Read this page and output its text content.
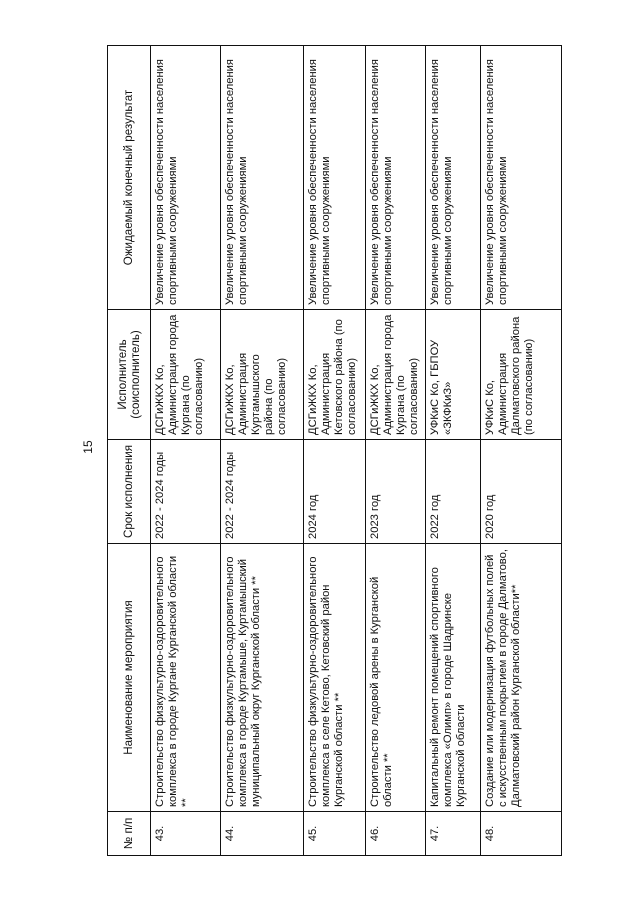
15
№ п/п	Наименование мероприятия	Срок исполнения	Исполнитель (соисполнитель)	Ожидаемый конечный результат
43.	Строительство физкультурно-оздоровительного комплекса в городе Кургане Курганской области **	2022 - 2024 годы	ДСГиЖКХ Ко, Администрация города Кургана (по согласованию)	Увеличение уровня обеспеченности населения спортивными сооружениями
44.	Строительство физкультурно-оздоровительного комплекса в городе Куртамыше, Куртамышский муниципальный округ Курганской области **	2022 - 2024 годы	ДСГиЖКХ Ко, Администрация Куртамышского района (по согласованию)	Увеличение уровня обеспеченности населения спортивными сооружениями
45.	Строительство физкультурно-оздоровительного комплекса в селе Кетово, Кетовский район Курганской области **	2024 год	ДСГиЖКХ Ко, Администрация Кетовского района (по согласованию)	Увеличение уровня обеспеченности населения спортивными сооружениями
46.	Строительство ледовой арены в Курганской области **	2023 год	ДСГиЖКХ Ко, Администрация города Кургана (по согласованию)	Увеличение уровня обеспеченности населения спортивными сооружениями
47.	Капитальный ремонт помещений спортивного комплекса «Олимп» в городе Шадринске Курганской области	2022 год	УФКиС Ко, ГБПОУ «ЗКФКиЗ»	Увеличение уровня обеспеченности населения спортивными сооружениями
48.	Создание или модернизация футбольных полей с искусственным покрытием в городе Далматово, Далматовский район Курганской области**	2020 год	УФКиС Ко, Администрация Далматовского района (по согласованию)	Увеличение уровня обеспеченности населения спортивными сооружениями
